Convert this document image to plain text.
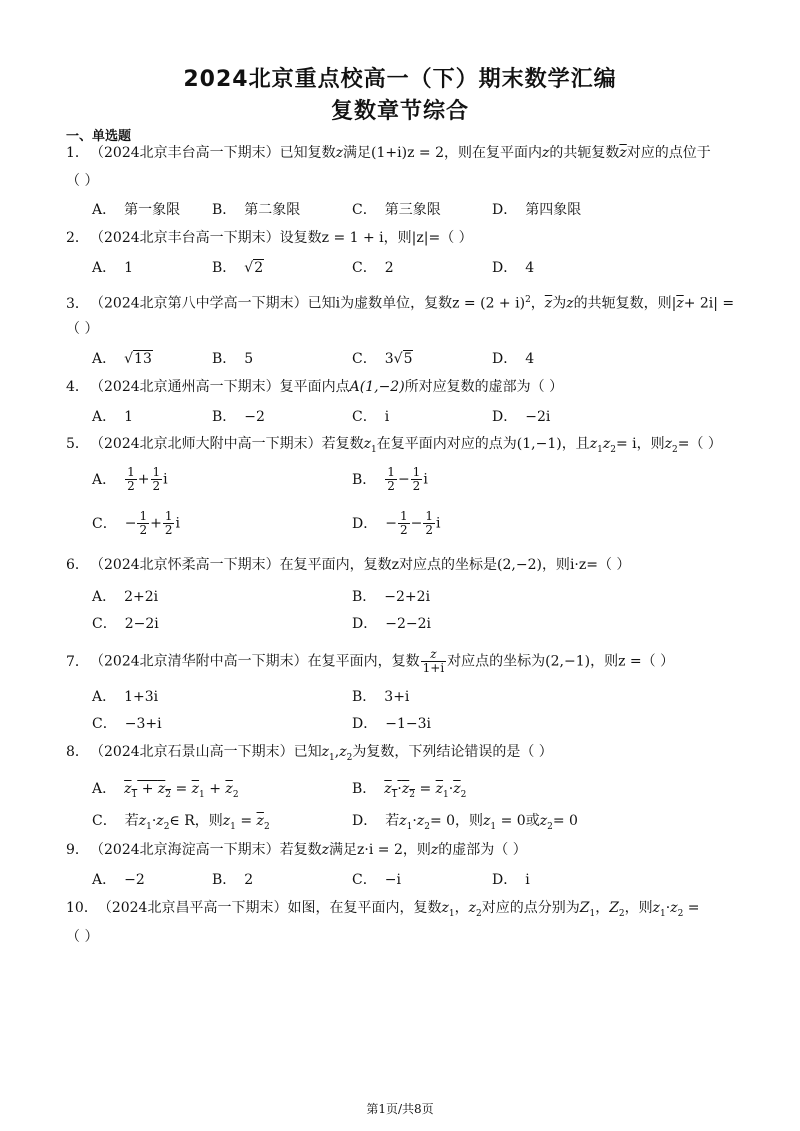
2024北京重点校高一（下）期末数学汇编
复数章节综合
一、单选题
1．（2024北京丰台高一下期末）已知复数z满足(1+i)z = 2，则在复平面内z的共轭复数$\overline{z}$对应的点位于
（ ）
A． 第一象限 B． 第二象限	C． 第三象限	D． 第四象限
2．（2024北京丰台高一下期末）设复数z = 1 + i，则|z|=（ ）
A． 1	B． √2	C． 2	D． 4
3．（2024北京第八中学高一下期末）已知i为虚数单位，复数$z = (2 + i)^2$，$\overline{z}$为z的共轭复数，则$|\overline{z}+ 2i|$ =
（ ）
A． √13	B． 5	C． 3√5	D． 4
4．（2024北京通州高一下期末）复平面内点A(1,−2)所对应复数的虚部为（ ）
A． 1	B． −2	C． i	D． −2i
5．（2024北京北师大附中高一下期末）若复数$z_1$在复平面内对应的点为(1,−1)，且$z_1z_2= i$，则$z_2=$（ ）
A． $\frac{1}{2} + \frac{1}{2}$ i	B． $\frac{1}{2} - \frac{1}{2}$ i
C． − $\frac{1}{2} + \frac{1}{2}$ i	D． − $\frac{1}{2} - \frac{1}{2}$ i
6．（2024北京怀柔高一下期末）在复平面内，复数z对应点的坐标是(2,−2)，则i·z=（ ）
A． 2+2i	B． −2+2i
C． 2−2i	D． −2−2i
7．（2024北京清华附中高一下期末）在复平面内，复数 $\frac{z}{1+i}$ 对应点的坐标为(2,−1)，则z =（ ）
A． 1+3i	B． 3+i
C． −3+i	D． −1−3i
8．（2024北京石景山高一下期末）已知$z_1,z_2$为复数，下列结论错误的是（ ）
A． $z_1 + z_2 = \overline{z}_1 + \overline{z}_2$	B． $z_1\cdot z_2 = \overline{z}_1\cdot\overline{z}_2$
C． 若$z_1\cdot z_2\in$ R，则$z_1 = \overline{z}_2$	D． 若$z_1\cdot z_2= 0$，则$z_1 = 0$或$z_2= 0$
9．（2024北京海淀高一下期末）若复数z满足z·i = 2，则z的虚部为（ ）
A． −2	B． 2	C． −i	D． i
10．（2024北京昌平高一下期末）如图，在复平面内，复数$z_1$，$z_2$对应的点分别为$Z_1$，$Z_2$，则$z_1\cdot z_2$ =
（ ）
第1页/共8页
